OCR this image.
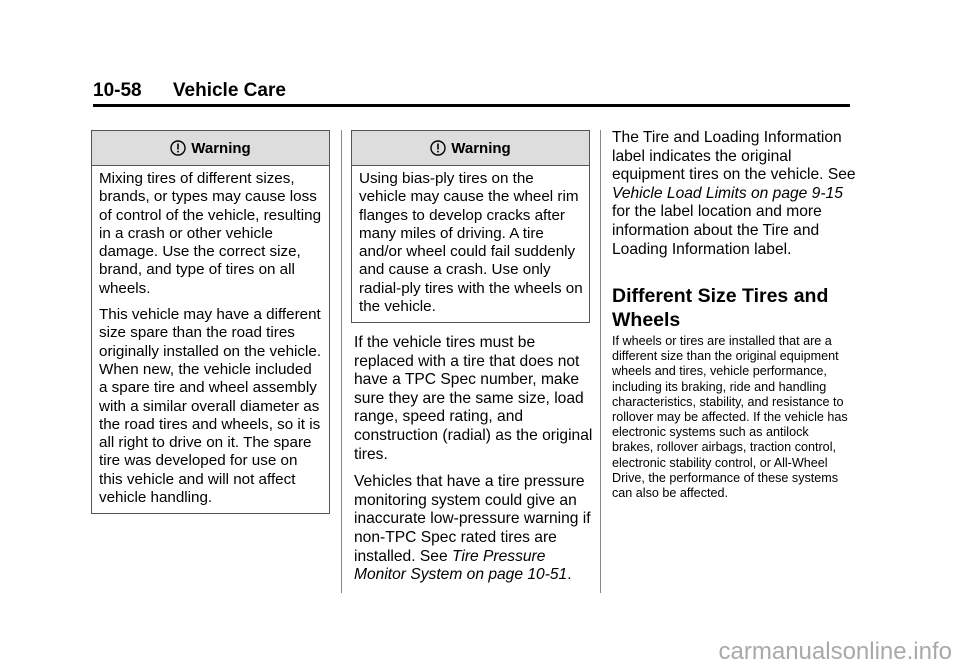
10-58 Vehicle Care
Warning

Mixing tires of different sizes, brands, or types may cause loss of control of the vehicle, resulting in a crash or other vehicle damage. Use the correct size, brand, and type of tires on all wheels.

This vehicle may have a different size spare than the road tires originally installed on the vehicle. When new, the vehicle included a spare tire and wheel assembly with a similar overall diameter as the road tires and wheels, so it is all right to drive on it. The spare tire was developed for use on this vehicle and will not affect vehicle handling.

Warning

Using bias-ply tires on the vehicle may cause the wheel rim flanges to develop cracks after many miles of driving. A tire and/or wheel could fail suddenly and cause a crash. Use only radial-ply tires with the wheels on the vehicle.

If the vehicle tires must be replaced with a tire that does not have a TPC Spec number, make sure they are the same size, load range, speed rating, and construction (radial) as the original tires.

Vehicles that have a tire pressure monitoring system could give an inaccurate low-pressure warning if non-TPC Spec rated tires are installed. See Tire Pressure Monitor System on page 10-51.

The Tire and Loading Information label indicates the original equipment tires on the vehicle. See Vehicle Load Limits on page 9-15 for the label location and more information about the Tire and Loading Information label.

Different Size Tires and Wheels
If wheels or tires are installed that are a different size than the original equipment wheels and tires, vehicle performance, including its braking, ride and handling characteristics, stability, and resistance to rollover may be affected. If the vehicle has electronic systems such as antilock brakes, rollover airbags, traction control, electronic stability control, or All-Wheel Drive, the performance of these systems can also be affected.
carmanualsonline.info
